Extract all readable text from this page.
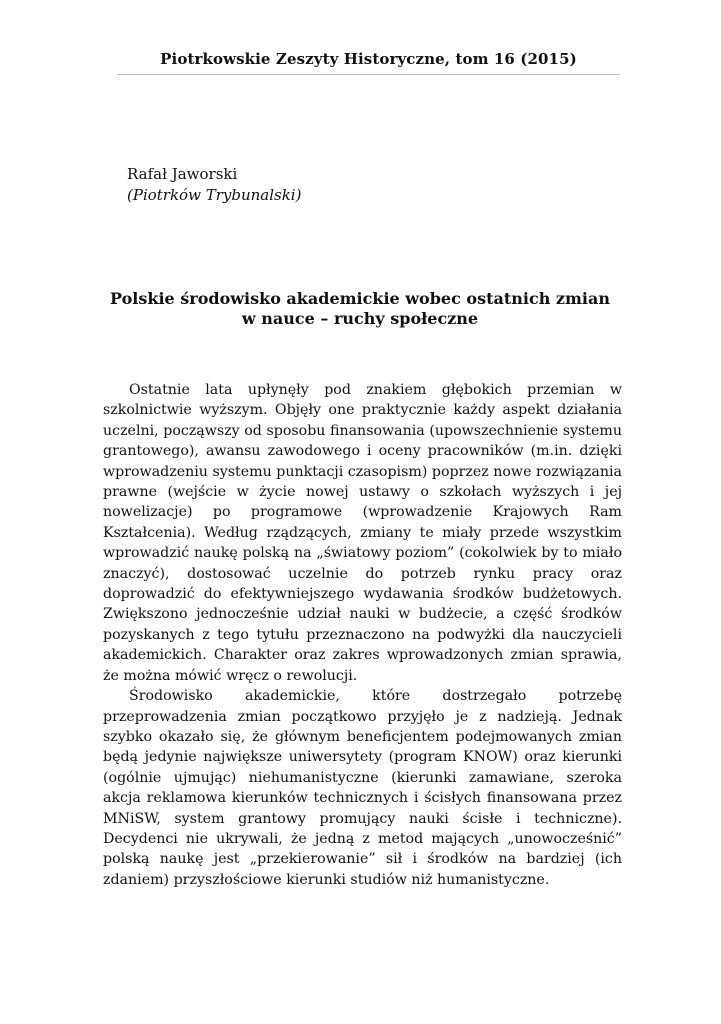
Piotrkowskie Zeszyty Historyczne, tom 16 (2015)
Rafał Jaworski
(Piotrków Trybunalski)
Polskie środowisko akademickie wobec ostatnich zmian
w nauce – ruchy społeczne

Ostatnie lata upłynęły pod znakiem głębokich przemian w szkolnictwie wyższym. Objęły one praktycznie każdy aspekt działania uczelni, począwszy od sposobu finansowania (upowszechnienie systemu grantowego), awansu zawodowego i oceny pracowników (m.in. dzięki wprowadzeniu systemu punktacji czasopism) poprzez nowe rozwiązania prawne (wejście w życie nowej ustawy o szkołach wyższych i jej nowelizacje) po programowe (wprowadzenie Krajowych Ram Kształcenia). Według rządzących, zmiany te miały przede wszystkim wprowadzić naukę polską na „światowy poziom” (cokolwiek by to miało znaczyć), dostosować uczelnie do potrzeb rynku pracy oraz doprowadzić do efektywniejszego wydawania środków budżetowych. Zwiększono jednocześnie udział nauki w budżecie, a część środków pozyskanych z tego tytułu przeznaczono na podwyżki dla nauczycieli akademickich. Charakter oraz zakres wprowadzonych zmian sprawia, że można mówić wręcz o rewolucji.

Środowisko akademickie, które dostrzegało potrzebę przeprowadzenia zmian początkowo przyjęło je z nadzieją. Jednak szybko okazało się, że głównym beneficjentem podejmowanych zmian będą jedynie największe uniwersytety (program KNOW) oraz kierunki (ogólnie ujmując) niehumanistyczne (kierunki zamawiane, szeroka akcja reklamowa kierunków technicznych i ścisłych finansowana przez MNiSW, system grantowy promujący nauki ścisłe i techniczne). Decydenci nie ukrywali, że jedną z metod mających „unowocześnić” polską naukę jest „przekierowanie” sił i środków na bardziej (ich zdaniem) przyszłościowe kierunki studiów niż humanistyczne.
